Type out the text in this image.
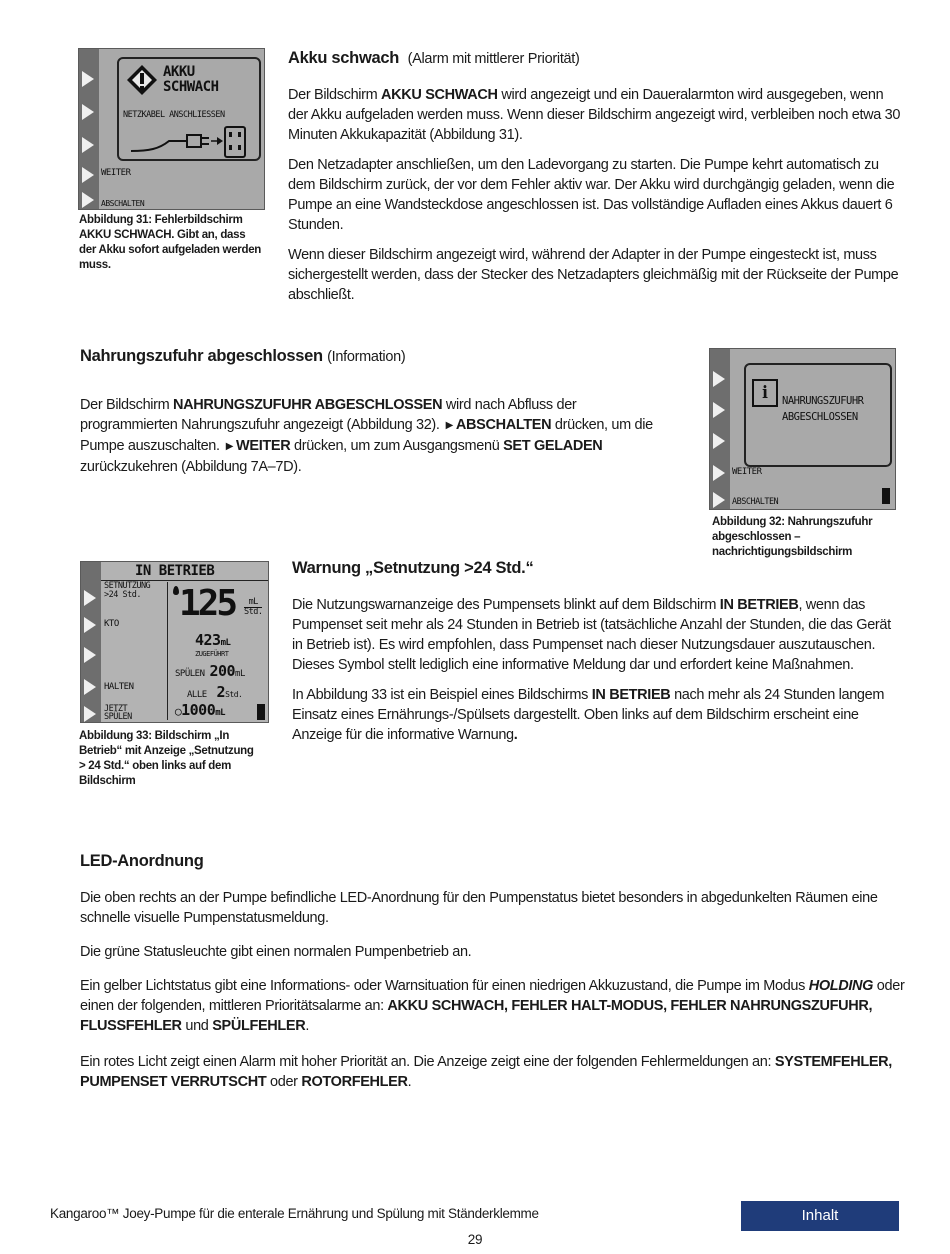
AKKU
SCHWACH
NETZKABEL ANSCHLIESSEN
WEITER
ABSCHALTEN
Abbildung 31: Fehlerbildschirm AKKU SCHWACH. Gibt an, dass der Akku sofort aufgeladen werden muss.
Akku schwach (Alarm mit mittlerer Priorität)

Der Bildschirm AKKU SCHWACH wird angezeigt und ein Daueralarmton wird ausgegeben, wenn der Akku aufgeladen werden muss. Wenn dieser Bildschirm angezeigt wird, verbleiben noch etwa 30 Minuten Akkukapazität (Abbildung 31).

Den Netzadapter anschließen, um den Ladevorgang zu starten. Die Pumpe kehrt automatisch zu dem Bildschirm zurück, der vor dem Fehler aktiv war. Der Akku wird durchgängig geladen, wenn die Pumpe an eine Wandsteckdose angeschlossen ist. Das vollständige Aufladen eines Akkus dauert 6 Stunden.

Wenn dieser Bildschirm angezeigt wird, während der Adapter in der Pumpe eingesteckt ist, muss sichergestellt werden, dass der Stecker des Netzadapters gleichmäßig mit der Rückseite der Pumpe abschließt.

Nahrungszufuhr abgeschlossen (Information)

Der Bildschirm NAHRUNGSZUFUHR ABGESCHLOSSEN wird nach Abfluss der programmierten Nahrungszufuhr angezeigt (Abbildung 32). ▶ ABSCHALTEN drücken, um die Pumpe auszuschalten. ▶ WEITER drücken, um zum Ausgangsmenü SET GELADEN zurückzukehren (Abbildung 7A–7D).

i	NAHRUNGSZUFUHR
ABGESCHLOSSEN
WEITER
ABSCHALTEN
Abbildung 32: Nahrungszufuhr abgeschlossen – nachrichtigungsbildschirm
IN BETRIEB
SETNUTZUNG
>24 Std.
KTO 125	mL
Std.
423mL
ZUGEFÜHRT
SPÜLEN 200mL
ALLE 2Std.
◯1000mL
HALTEN
JETZT
SPÜLEN
Abbildung 33: Bildschirm „In Betrieb“ mit Anzeige „Setnutzung > 24 Std.“ oben links auf dem Bildschirm
Warnung „Setnutzung >24 Std.“

Die Nutzungswarnanzeige des Pumpensets blinkt auf dem Bildschirm IN BETRIEB, wenn das Pumpenset seit mehr als 24 Stunden in Betrieb ist (tatsächliche Anzahl der Stunden, die das Gerät in Betrieb ist). Es wird empfohlen, dass Pumpenset nach dieser Nutzungsdauer auszutauschen. Dieses Symbol stellt lediglich eine informative Meldung dar und erfordert keine Maßnahmen.

In Abbildung 33 ist ein Beispiel eines Bildschirms IN BETRIEB nach mehr als 24 Stunden langem Einsatz eines Ernährungs-/Spülsets dargestellt. Oben links auf dem Bildschirm erscheint eine Anzeige für die informative Warnung.

LED-Anordnung

Die oben rechts an der Pumpe befindliche LED-Anordnung für den Pumpenstatus bietet besonders in abgedunkelten Räumen eine schnelle visuelle Pumpenstatusmeldung.

Die grüne Statusleuchte gibt einen normalen Pumpenbetrieb an.

Ein gelber Lichtstatus gibt eine Informations- oder Warnsituation für einen niedrigen Akkuzustand, die Pumpe im Modus HOLDING oder einen der folgenden, mittleren Prioritätsalarme an: AKKU SCHWACH, FEHLER HALT-MODUS, FEHLER NAHRUNGSZUFUHR, FLUSSFEHLER und SPÜLFEHLER.

Ein rotes Licht zeigt einen Alarm mit hoher Priorität an. Die Anzeige zeigt eine der folgenden Fehlermeldungen an: SYSTEMFEHLER, PUMPENSET VERRUTSCHT oder ROTORFEHLER.

Kangaroo™ Joey-Pumpe für die enterale Ernährung und Spülung mit Ständerklemme	Inhalt
29
